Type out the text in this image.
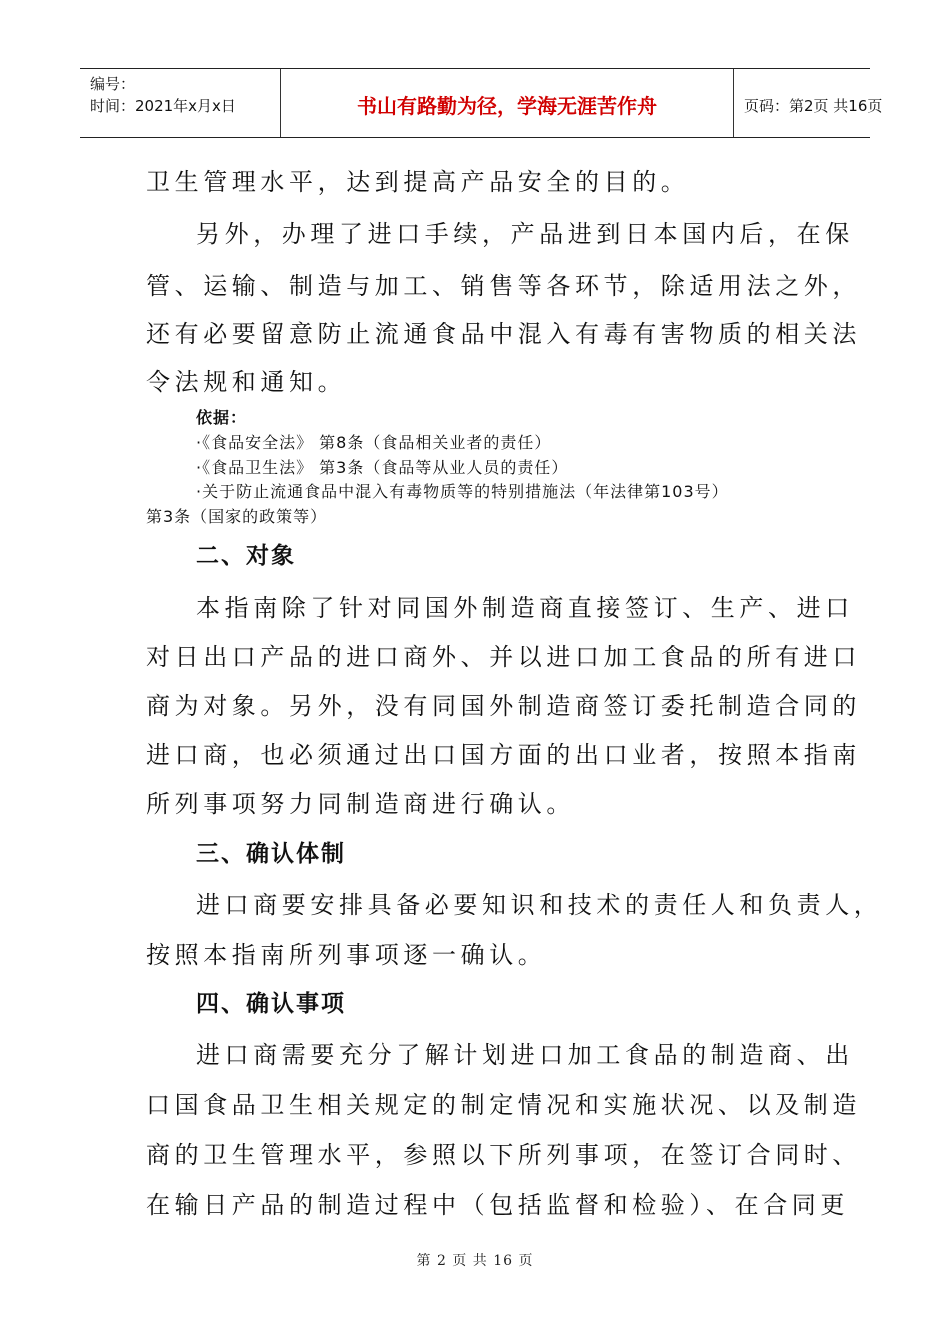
编号：
时间：2021年x月x日	书山有路勤为径，学海无涯苦作舟	页码：第2页 共16页
卫生管理水平，达到提高产品安全的目的。
另外，办理了进口手续，产品进到日本国内后，在保
管、运输、制造与加工、销售等各环节，除适用法之外，
还有必要留意防止流通食品中混入有毒有害物质的相关法
令法规和通知。
依据：
·《食品安全法》 第8条（食品相关业者的责任）
·《食品卫生法》 第3条（食品等从业人员的责任）
·关于防止流通食品中混入有毒物质等的特别措施法（年法律第103号）
第3条（国家的政策等）
二、对象
本指南除了针对同国外制造商直接签订、生产、进口
对日出口产品的进口商外、并以进口加工食品的所有进口
商为对象。另外，没有同国外制造商签订委托制造合同的
进口商，也必须通过出口国方面的出口业者，按照本指南
所列事项努力同制造商进行确认。
三、确认体制
进口商要安排具备必要知识和技术的责任人和负责人，
按照本指南所列事项逐一确认。
四、确认事项
进口商需要充分了解计划进口加工食品的制造商、出
口国食品卫生相关规定的制定情况和实施状况、以及制造
商的卫生管理水平，参照以下所列事项，在签订合同时、
在输日产品的制造过程中（包括监督和检验）、在合同更
第 2 页 共 16 页
